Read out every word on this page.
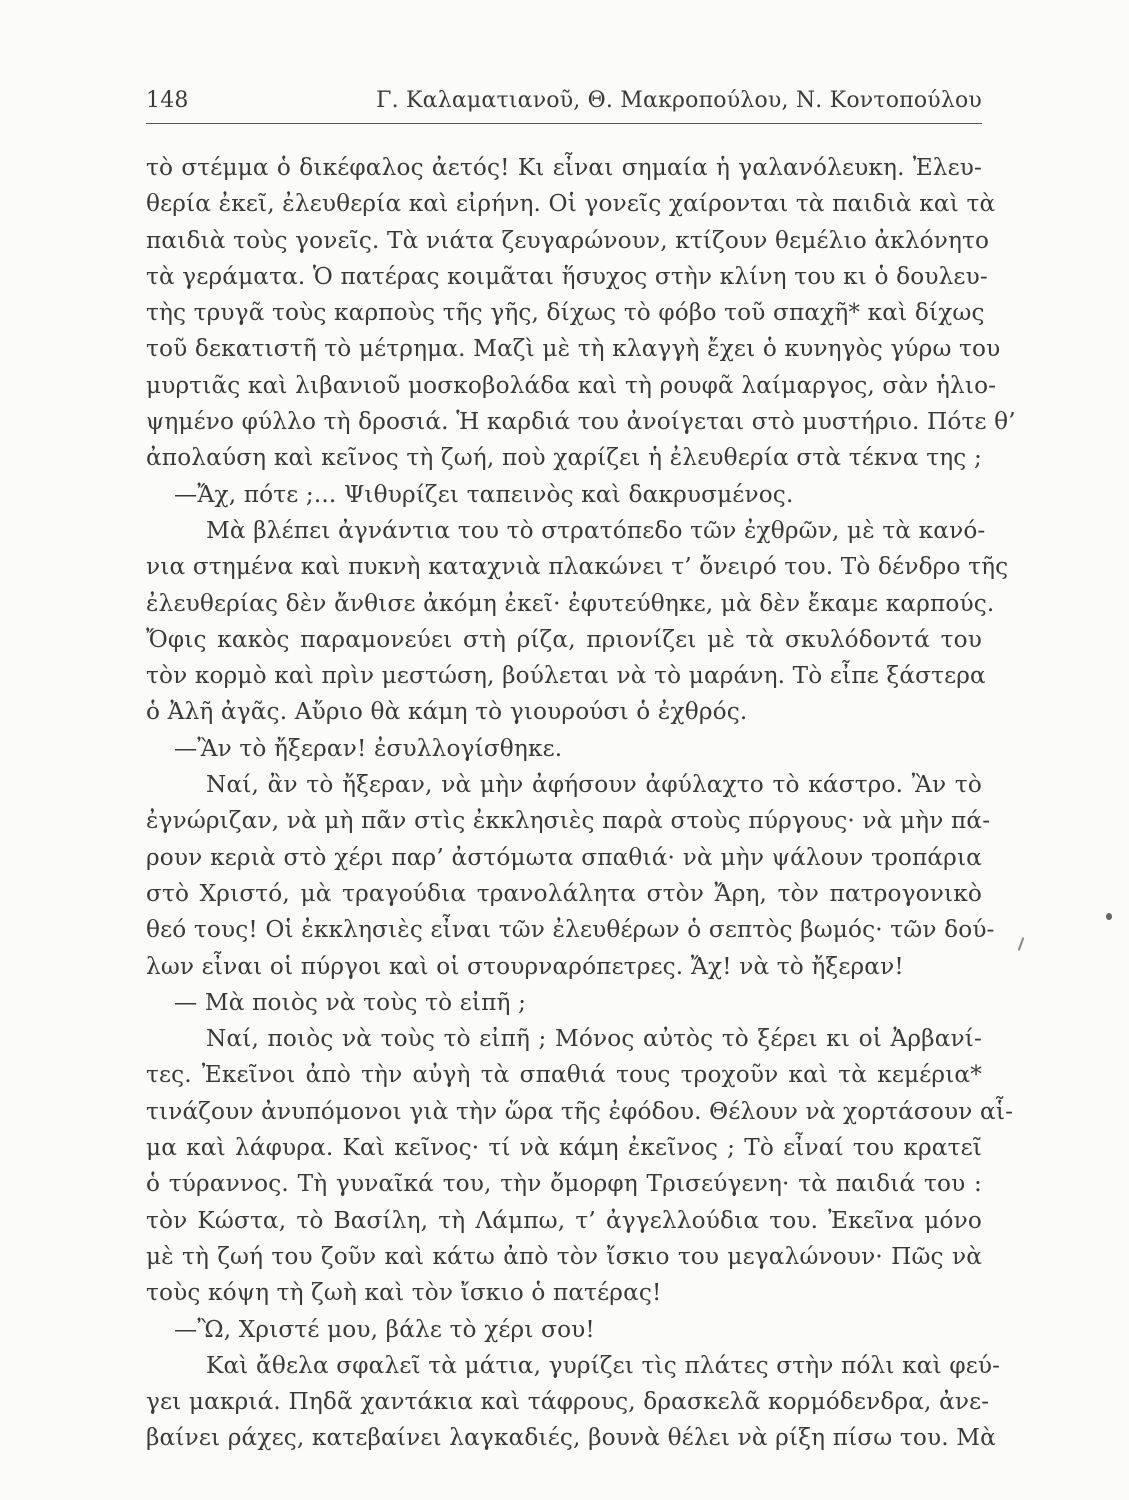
148	Γ. Καλαματιανοῦ, Θ. Μακροπούλου, Ν. Κοντοπούλου
τὸ στέμμα ὁ δικέφαλος ἀετός! Κι εἶναι σημαία ἡ γαλανόλευκη. Ἐλευ-
θερία ἐκεῖ, ἐλευθερία καὶ εἰρήνη. Οἱ γονεῖς χαίρονται τὰ παιδιὰ καὶ τὰ
παιδιὰ τοὺς γονεῖς. Τὰ νιάτα ζευγαρώνουν, κτίζουν θεμέλιο ἀκλόνητο
τὰ γεράματα. Ὁ πατέρας κοιμᾶται ἥσυχος στὴν κλίνη του κι ὁ δουλευ-
τὴς τρυγᾶ τοὺς καρποὺς τῆς γῆς, δίχως τὸ φόβο τοῦ σπαχῆ* καὶ δίχως
τοῦ δεκατιστῆ τὸ μέτρημα. Μαζὶ μὲ τὴ κλαγγὴ ἔχει ὁ κυνηγὸς γύρω του
μυρτιᾶς καὶ λιβανιοῦ μοσκοβολάδα καὶ τὴ ρουφᾶ λαίμαργος, σὰν ἡλιο-
ψημένο φύλλο τὴ δροσιά. Ἡ καρδιά του ἀνοίγεται στὸ μυστήριο. Πότε θ’
ἀπολαύση καὶ κεῖνος τὴ ζωή, ποὺ χαρίζει ἡ ἐλευθερία στὰ τέκνα της ;
—Ἄχ, πότε ;... Ψιθυρίζει ταπεινὸς καὶ δακρυσμένος.
Μὰ βλέπει ἀγνάντια του τὸ στρατόπεδο τῶν ἐχθρῶν, μὲ τὰ κανό-
νια στημένα καὶ πυκνὴ καταχνιὰ πλακώνει τ’ ὄνειρό του. Τὸ δένδρο τῆς
ἐλευθερίας δὲν ἄνθισε ἀκόμη ἐκεῖ· ἐφυτεύθηκε, μὰ δὲν ἔκαμε καρπούς.
Ὄφις κακὸς παραμονεύει στὴ ρίζα, πριονίζει μὲ τὰ σκυλόδοντά του
τὸν κορμὸ καὶ πρὶν μεστώση, βούλεται νὰ τὸ μαράνη. Τὸ εἶπε ξάστερα
ὁ Ἀλῆ ἀγᾶς. Αὔριο θὰ κάμη τὸ γιουρούσι ὁ ἐχθρός.
—Ἂν τὸ ἤξεραν! ἐσυλλογίσθηκε.
Ναί, ἂν τὸ ἤξεραν, νὰ μὴν ἀφήσουν ἀφύλαχτο τὸ κάστρο. Ἂν τὸ
ἐγνώριζαν, νὰ μὴ πᾶν στὶς ἐκκλησιὲς παρὰ στοὺς πύργους· νὰ μὴν πά-
ρουν κεριὰ στὸ χέρι παρ’ ἀστόμωτα σπαθιά· νὰ μὴν ψάλουν τροπάρια
στὸ Χριστό, μὰ τραγούδια τρανολάλητα στὸν Ἄρη, τὸν πατρογονικὸ
θεό τους! Οἱ ἐκκλησιὲς εἶναι τῶν ἐλευθέρων ὁ σεπτὸς βωμός· τῶν δού-
λων εἶναι οἱ πύργοι καὶ οἱ στουρναρόπετρες. Ἄχ! νὰ τὸ ἤξεραν!
— Μὰ ποιὸς νὰ τοὺς τὸ εἰπῆ ;
Ναί, ποιὸς νὰ τοὺς τὸ εἰπῆ ; Μόνος αὐτὸς τὸ ξέρει κι οἱ Ἀρβανί-
τες. Ἐκεῖνοι ἀπὸ τὴν αὐγὴ τὰ σπαθιά τους τροχοῦν καὶ τὰ κεμέρια*
τινάζουν ἀνυπόμονοι γιὰ τὴν ὥρα τῆς ἐφόδου. Θέλουν νὰ χορτάσουν αἷ-
μα καὶ λάφυρα. Καὶ κεῖνος· τί νὰ κάμη ἐκεῖνος ; Τὸ εἶναί του κρατεῖ
ὁ τύραννος. Τὴ γυναῖκά του, τὴν ὄμορφη Τρισεύγενη· τὰ παιδιά του :
τὸν Κώστα, τὸ Βασίλη, τὴ Λάμπω, τ’ ἀγγελλούδια του. Ἐκεῖνα μόνο
μὲ τὴ ζωή του ζοῦν καὶ κάτω ἀπὸ τὸν ἴσκιο του μεγαλώνουν· Πῶς νὰ
τοὺς κόψη τὴ ζωὴ καὶ τὸν ἴσκιο ὁ πατέρας!
—Ὢ, Χριστέ μου, βάλε τὸ χέρι σου!
Καὶ ἄθελα σφαλεῖ τὰ μάτια, γυρίζει τὶς πλάτες στὴν πόλι καὶ φεύ-
γει μακριά. Πηδᾶ χαντάκια καὶ τάφρους, δρασκελᾶ κορμόδενδρα, ἀνε-
βαίνει ράχες, κατεβαίνει λαγκαδιές, βουνὰ θέλει νὰ ρίξη πίσω του. Μὰ
